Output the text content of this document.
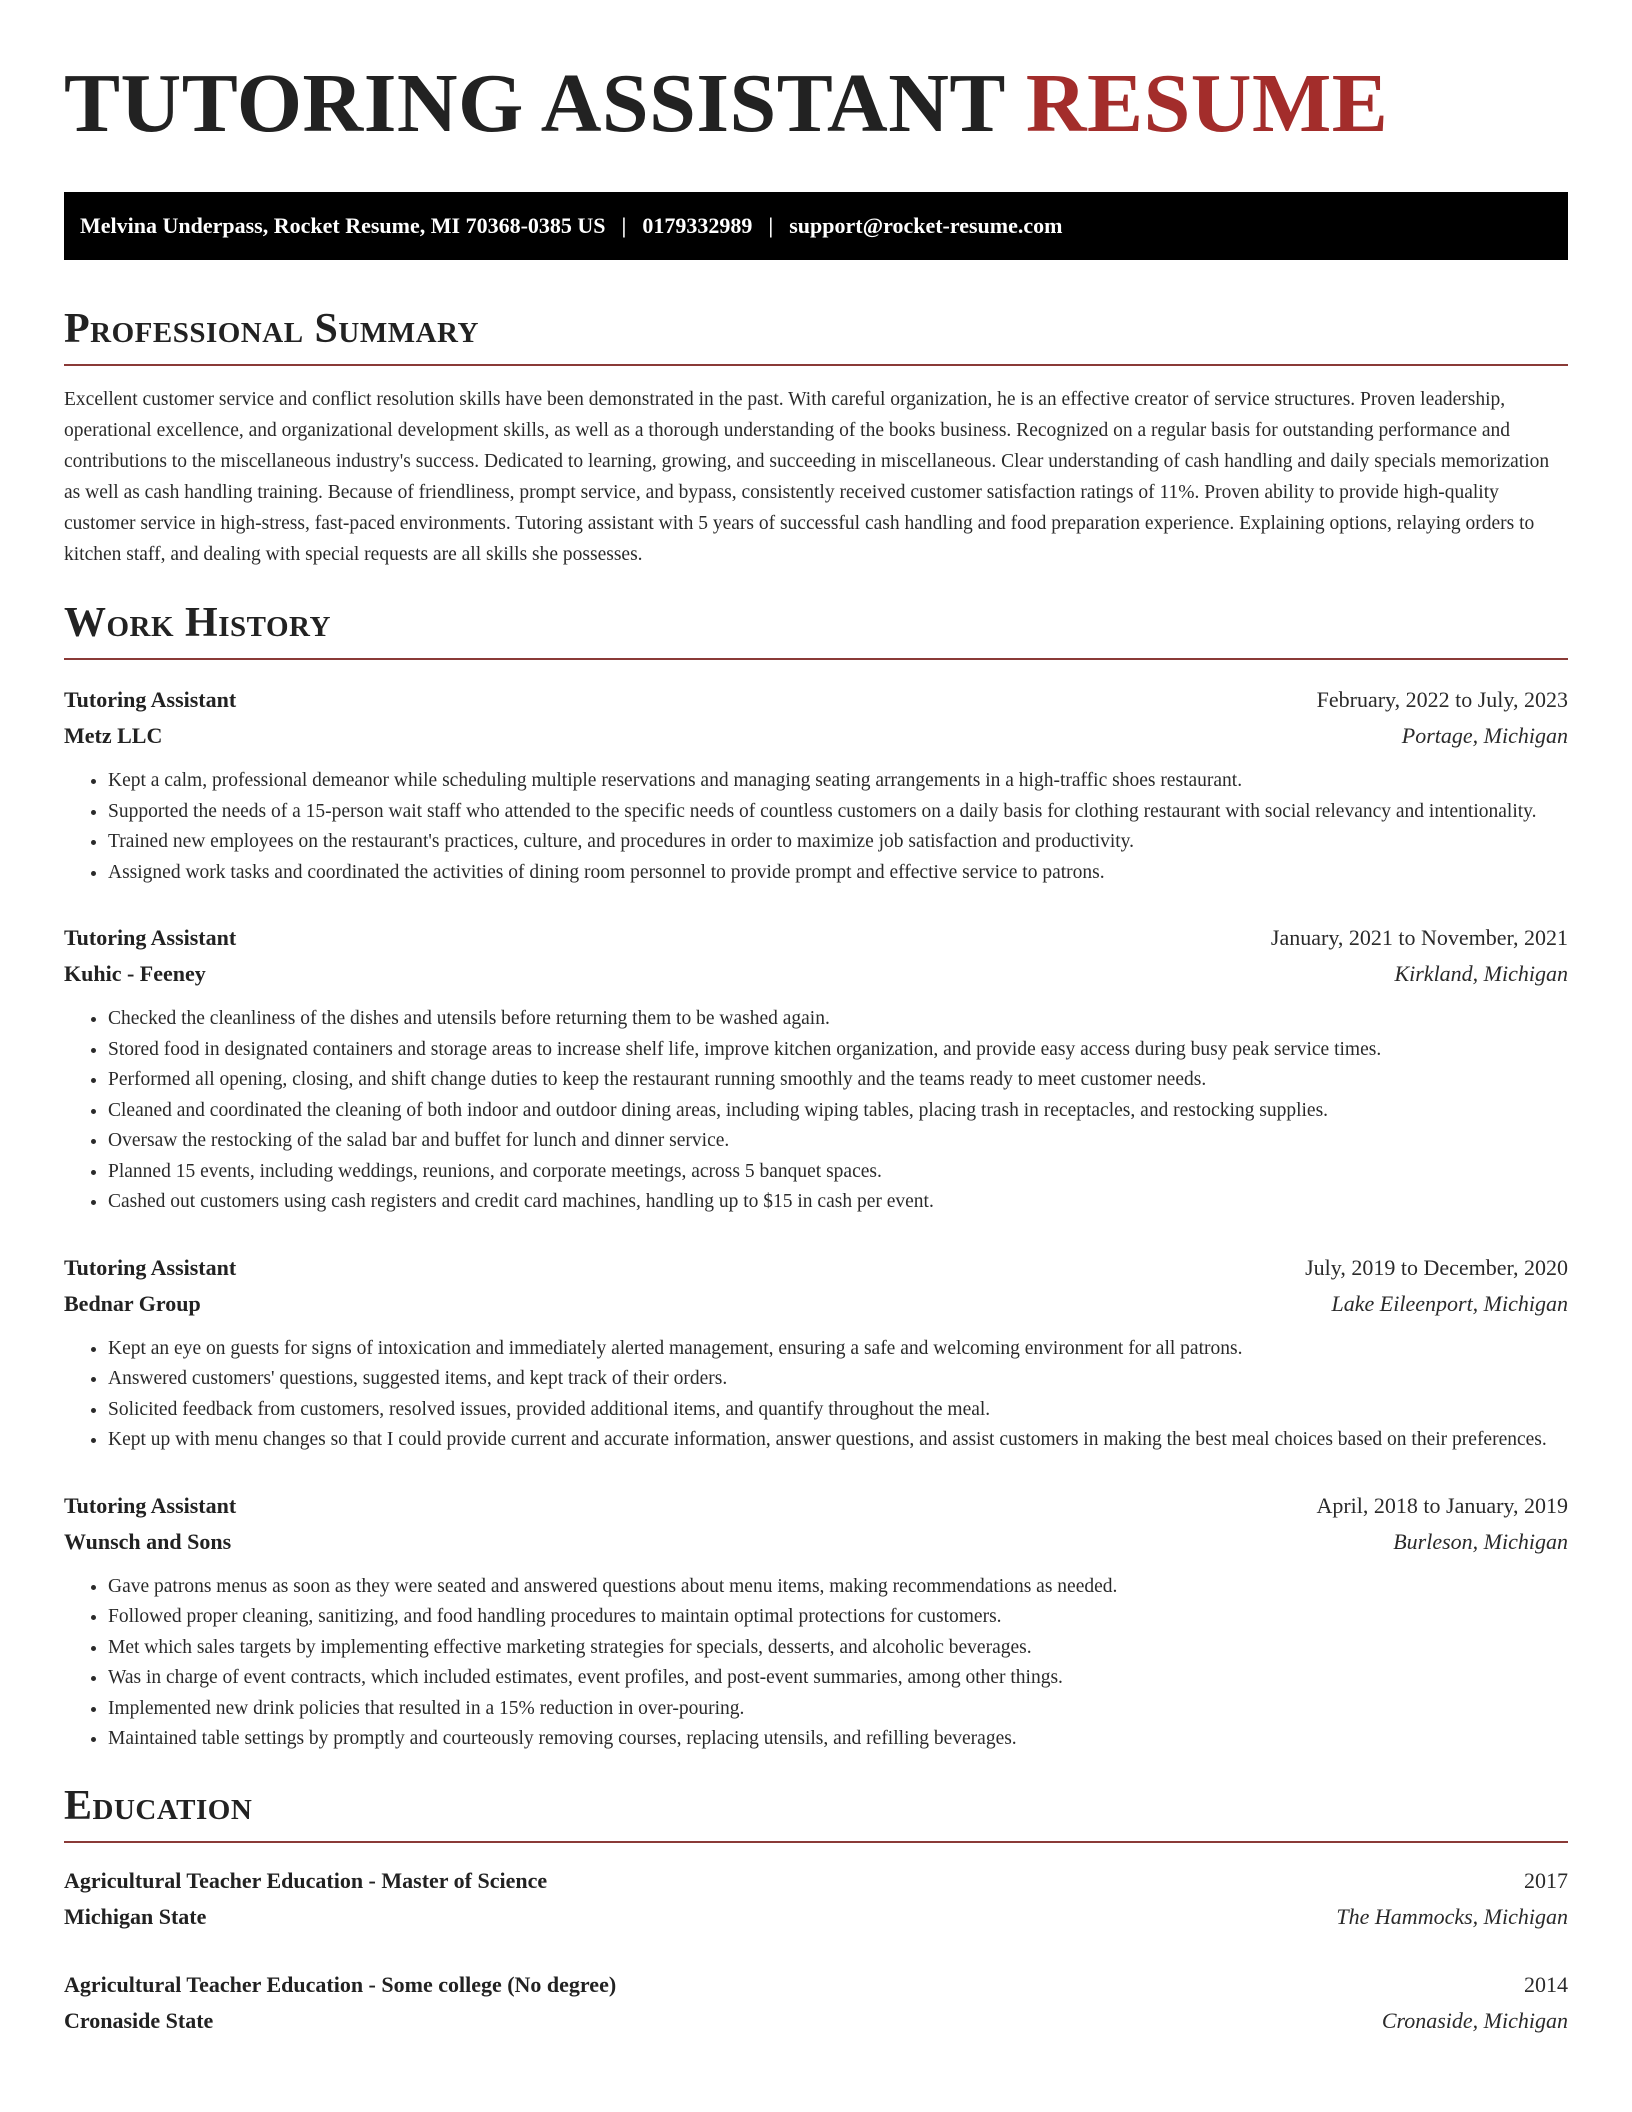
TUTORING ASSISTANT RESUME
Melvina Underpass, Rocket Resume, MI 70368-0385 US | 0179332989 | support@rocket-resume.com
Professional Summary

Excellent customer service and conflict resolution skills have been demonstrated in the past. With careful organization, he is an effective creator of service structures. Proven leadership, operational excellence, and organizational development skills, as well as a thorough understanding of the books business. Recognized on a regular basis for outstanding performance and contributions to the miscellaneous industry's success. Dedicated to learning, growing, and succeeding in miscellaneous. Clear understanding of cash handling and daily specials memorization as well as cash handling training. Because of friendliness, prompt service, and bypass, consistently received customer satisfaction ratings of 11%. Proven ability to provide high-quality customer service in high-stress, fast-paced environments. Tutoring assistant with 5 years of successful cash handling and food preparation experience. Explaining options, relaying orders to kitchen staff, and dealing with special requests are all skills she possesses.

Work History
Tutoring Assistant	February, 2022 to July, 2023
Metz LLC	Portage, Michigan
• Kept a calm, professional demeanor while scheduling multiple reservations and managing seating arrangements in a high-traffic shoes restaurant.
• Supported the needs of a 15-person wait staff who attended to the specific needs of countless customers on a daily basis for clothing restaurant with social relevancy and intentionality.
• Trained new employees on the restaurant's practices, culture, and procedures in order to maximize job satisfaction and productivity.
• Assigned work tasks and coordinated the activities of dining room personnel to provide prompt and effective service to patrons.
Tutoring Assistant	January, 2021 to November, 2021
Kuhic - Feeney	Kirkland, Michigan
• Checked the cleanliness of the dishes and utensils before returning them to be washed again.
• Stored food in designated containers and storage areas to increase shelf life, improve kitchen organization, and provide easy access during busy peak service times.
• Performed all opening, closing, and shift change duties to keep the restaurant running smoothly and the teams ready to meet customer needs.
• Cleaned and coordinated the cleaning of both indoor and outdoor dining areas, including wiping tables, placing trash in receptacles, and restocking supplies.
• Oversaw the restocking of the salad bar and buffet for lunch and dinner service.
• Planned 15 events, including weddings, reunions, and corporate meetings, across 5 banquet spaces.
• Cashed out customers using cash registers and credit card machines, handling up to $15 in cash per event.
Tutoring Assistant	July, 2019 to December, 2020
Bednar Group	Lake Eileenport, Michigan
• Kept an eye on guests for signs of intoxication and immediately alerted management, ensuring a safe and welcoming environment for all patrons.
• Answered customers' questions, suggested items, and kept track of their orders.
• Solicited feedback from customers, resolved issues, provided additional items, and quantify throughout the meal.
• Kept up with menu changes so that I could provide current and accurate information, answer questions, and assist customers in making the best meal choices based on their preferences.
Tutoring Assistant	April, 2018 to January, 2019
Wunsch and Sons	Burleson, Michigan
• Gave patrons menus as soon as they were seated and answered questions about menu items, making recommendations as needed.
• Followed proper cleaning, sanitizing, and food handling procedures to maintain optimal protections for customers.
• Met which sales targets by implementing effective marketing strategies for specials, desserts, and alcoholic beverages.
• Was in charge of event contracts, which included estimates, event profiles, and post-event summaries, among other things.
• Implemented new drink policies that resulted in a 15% reduction in over-pouring.
• Maintained table settings by promptly and courteously removing courses, replacing utensils, and refilling beverages.
Education
Agricultural Teacher Education - Master of Science	2017
Michigan State	The Hammocks, Michigan
Agricultural Teacher Education - Some college (No degree)	2014
Cronaside State	Cronaside, Michigan
